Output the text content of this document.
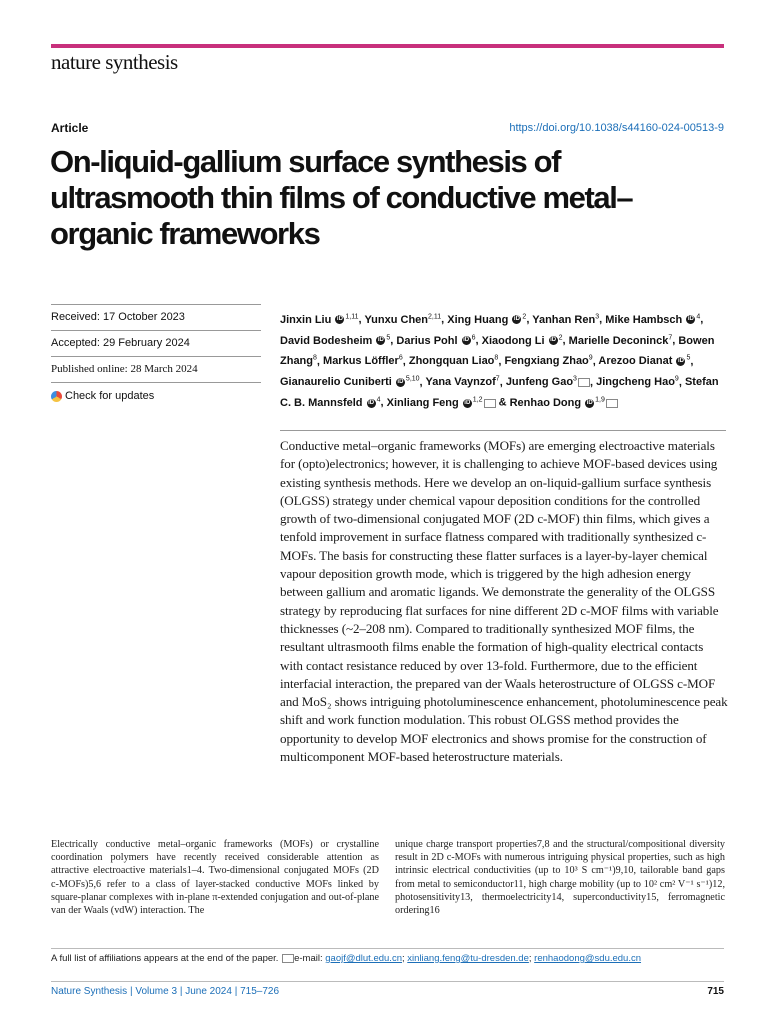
nature synthesis
Article	https://doi.org/10.1038/s44160-024-00513-9
On-liquid-gallium surface synthesis of ultrasmooth thin films of conductive metal–organic frameworks
Received: 17 October 2023
Accepted: 29 February 2024
Published online: 28 March 2024
Check for updates
Jinxin Liu iD $^{1,11}$, Yunxu Chen$^{2,11}$, Xing Huang iD $^2$, Yanhan Ren$^3$, Mike Hambsch iD $^4$, David Bodesheim iD $^5$, Darius Pohl iD $^6$, Xiaodong Li iD $^2$, Marielle Deconinck$^7$, Bowen Zhang$^8$, Markus Löffler$^6$, Zhongquan Liao$^8$, Fengxiang Zhao$^9$, Arezoo Dianat iD $^5$, Gianaurelio Cuniberti iD $^{5,10}$, Yana Vaynzof$^7$, Junfeng Gao$^3$ , Jingcheng Hao$^9$, Stefan C. B. Mannsfeld iD $^4$, Xinliang Feng iD $^{1,2}$ & Renhao Dong iD $^{1,9}$

Conductive metal–organic frameworks (MOFs) are emerging electroactive materials for (opto)electronics; however, it is challenging to achieve MOF-based devices using existing synthesis methods. Here we develop an on-liquid-gallium surface synthesis (OLGSS) strategy under chemical vapour deposition conditions for the controlled growth of two-dimensional conjugated MOF (2D c-MOF) thin films, which gives a tenfold improvement in surface flatness compared with traditionally synthesized c-MOFs. The basis for constructing these flatter surfaces is a layer-by-layer chemical vapour deposition growth mode, which is triggered by the high adhesion energy between gallium and aromatic ligands. We demonstrate the generality of the OLGSS strategy by reproducing flat surfaces for nine different 2D c-MOF films with variable thicknesses (~2–208 nm). Compared to traditionally synthesized MOF films, the resultant ultrasmooth films enable the formation of high-quality electrical contacts with contact resistance reduced by over 13-fold. Furthermore, due to the efficient interfacial interaction, the prepared van der Waals heterostructure of OLGSS c-MOF and MoS₂ shows intriguing photoluminescence enhancement, photoluminescence peak shift and work function modulation. This robust OLGSS method provides the opportunity to develop MOF electronics and shows promise for the construction of multicomponent MOF-based heterostructure materials.

Electrically conductive metal–organic frameworks (MOFs) or crystalline coordination polymers have recently received considerable attention as attractive electroactive materials1–4. Two-dimensional conjugated MOFs (2D c-MOFs)5,6 refer to a class of layer-stacked conductive MOFs linked by square-planar complexes with in-plane π-extended conjugation and out-of-plane van der Waals (vdW) interaction. The

unique charge transport properties7,8 and the structural/compositional diversity result in 2D c-MOFs with numerous intriguing physical properties, such as high intrinsic electrical conductivities (up to 10³ S cm⁻¹)9,10, tailorable band gaps from metal to semiconductor11, high charge mobility (up to 10² cm² V⁻¹ s⁻¹)12, photosensitivity13, thermoelectricity14, superconductivity15, ferromagnetic ordering16

A full list of affiliations appears at the end of the paper. e-mail: gaojf@dlut.edu.cn; xinliang.feng@tu-dresden.de; renhaodong@sdu.edu.cn
Nature Synthesis | Volume 3 | June 2024 | 715–726	715
